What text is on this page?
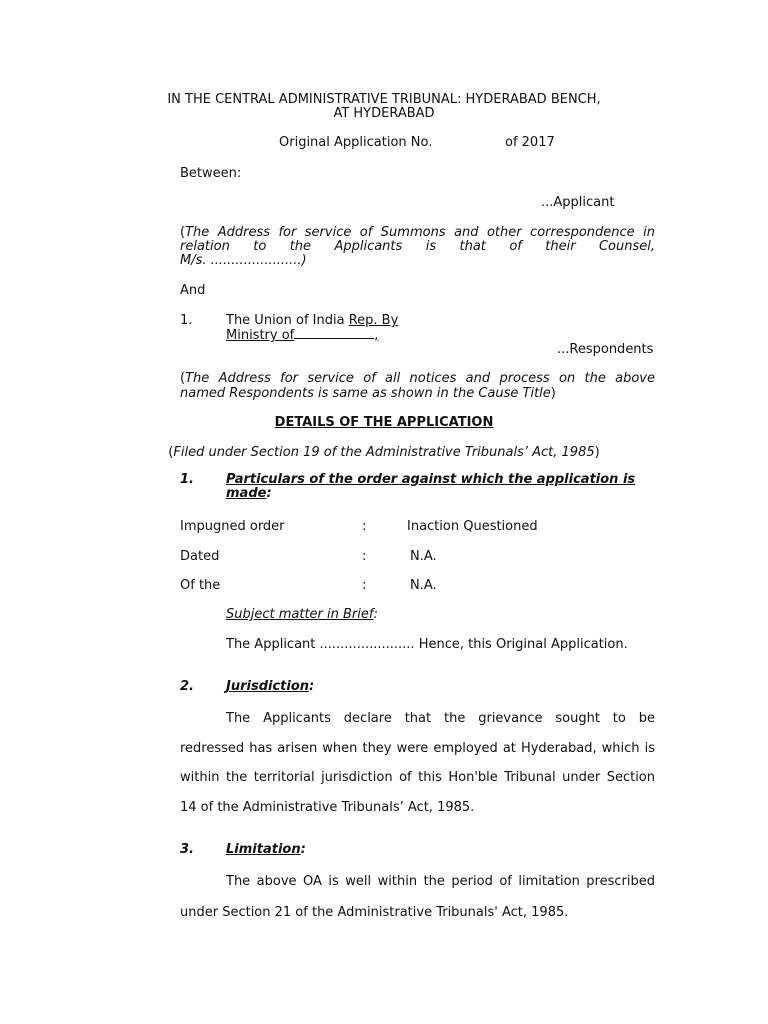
IN THE CENTRAL ADMINISTRATIVE TRIBUNAL: HYDERABAD BENCH,
AT HYDERABAD
Original Application No.	of 2017
Between:
...Applicant
(The Address for service of Summons and other correspondence in
relation to the Applicants is that of their Counsel,
M/s. ......................)
And
1.	The Union of India Rep. By
Ministry of	,
...Respondents
(The Address for service of all notices and process on the above
named Respondents is same as shown in the Cause Title)
DETAILS OF THE APPLICATION
(Filed under Section 19 of the Administrative Tribunals’ Act, 1985)
1. Particulars of the order against which the application is
made:
Impugned order	:	Inaction Questioned
Dated	:	N.A.
Of the	:	N.A.
Subject matter in Brief:
The Applicant ....................... Hence, this Original Application.
2. Jurisdiction:
The Applicants declare that the grievance sought to be
redressed has arisen when they were employed at Hyderabad, which is
within the territorial jurisdiction of this Hon'ble Tribunal under Section
14 of the Administrative Tribunals’ Act, 1985.
3. Limitation:
The above OA is well within the period of limitation prescribed
under Section 21 of the Administrative Tribunals' Act, 1985.
